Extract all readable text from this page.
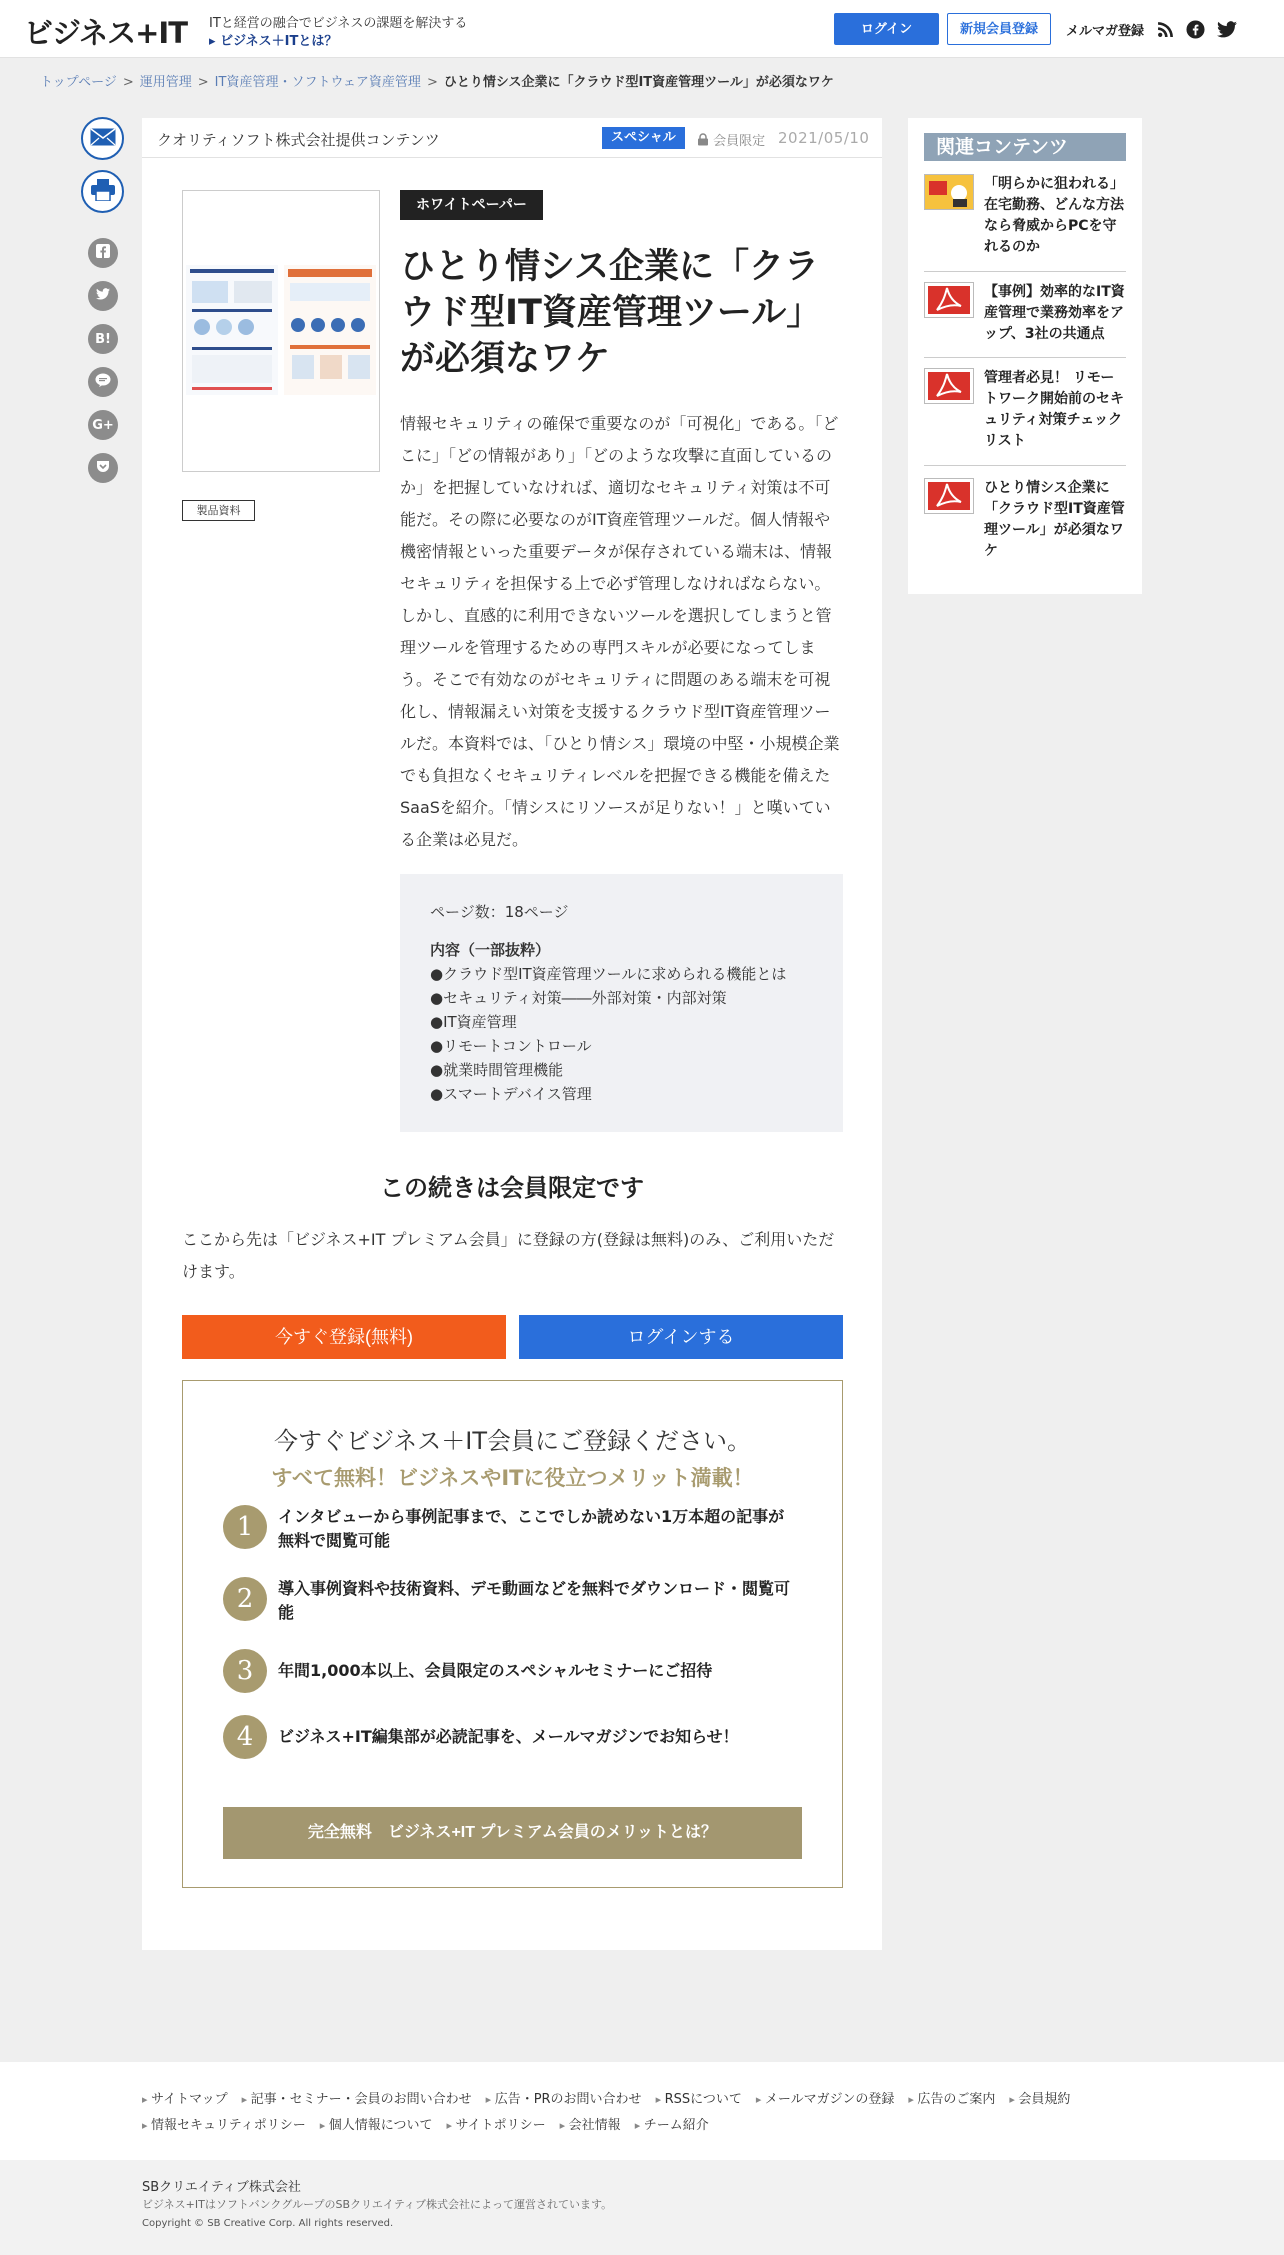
ビジネス+IT ITと経営の融合でビジネスの課題を解決する
▸ ビジネス＋ITとは？
ログイン	新規会員登録	メルマガ登録
トップページ > 運用管理 > IT資産管理・ソフトウェア資産管理 > ひとり情シス企業に「クラウド型IT資産管理ツール」が必須なワケ
B!
G+
クオリティソフト株式会社提供コンテンツ	スペシャル	会員限定 2021/05/10
製品資料
ホワイトペーパー
ひとり情シス企業に「クラウド型IT資産管理ツール」が必須なワケ

情報セキュリティの確保で重要なのが「可視化」である。「どこに」「どの情報があり」「どのような攻撃に直面しているのか」を把握していなければ、適切なセキュリティ対策は不可能だ。その際に必要なのがIT資産管理ツールだ。個人情報や機密情報といった重要データが保存されている端末は、情報セキュリティを担保する上で必ず管理しなければならない。しかし、直感的に利用できないツールを選択してしまうと管理ツールを管理するための専門スキルが必要になってしまう。そこで有効なのがセキュリティに問題のある端末を可視化し、情報漏えい対策を支援するクラウド型IT資産管理ツールだ。本資料では、「ひとり情シス」環境の中堅・小規模企業でも負担なくセキュリティレベルを把握できる機能を備えたSaaSを紹介。「情シスにリソースが足りない！」と嘆いている企業は必見だ。

ページ数：18ページ
内容（一部抜粋）
●クラウド型IT資産管理ツールに求められる機能とは
●セキュリティ対策――外部対策・内部対策
●IT資産管理
●リモートコントロール
●就業時間管理機能
●スマートデバイス管理
この続きは会員限定です

ここから先は「ビジネス+IT プレミアム会員」に登録の方(登録は無料)のみ、ご利用いただけます。

今すぐ登録(無料)	ログインする
今すぐビジネス＋IT会員にご登録ください。
すべて無料！ビジネスやITに役立つメリット満載！
1	インタビューから事例記事まで、ここでしか読めない1万本超の記事が無料で閲覧可能
2	導入事例資料や技術資料、デモ動画などを無料でダウンロード・閲覧可能
3	年間1,000本以上、会員限定のスペシャルセミナーにご招待
4	ビジネス+IT編集部が必読記事を、メールマガジンでお知らせ！
完全無料　ビジネス+IT プレミアム会員のメリットとは？
関連コンテンツ
「明らかに狙われる」在宅勤務、どんな方法なら脅威からPCを守れるのか
【事例】効率的なIT資産管理で業務効率をアップ、3社の共通点
管理者必見！ リモートワーク開始前のセキュリティ対策チェックリスト
ひとり情シス企業に「クラウド型IT資産管理ツール」が必須なワケ
▸ サイトマップ ▸ 記事・セミナー・会員のお問い合わせ ▸ 広告・PRのお問い合わせ ▸ RSSについて ▸ メールマガジンの登録 ▸ 広告のご案内 ▸ 会員規約
▸ 情報セキュリティポリシー ▸ 個人情報について ▸ サイトポリシー ▸ 会社情報 ▸ チーム紹介
SBクリエイティブ株式会社
ビジネス+ITはソフトバンクグループのSBクリエイティブ株式会社によって運営されています。
Copyright © SB Creative Corp. All rights reserved.
